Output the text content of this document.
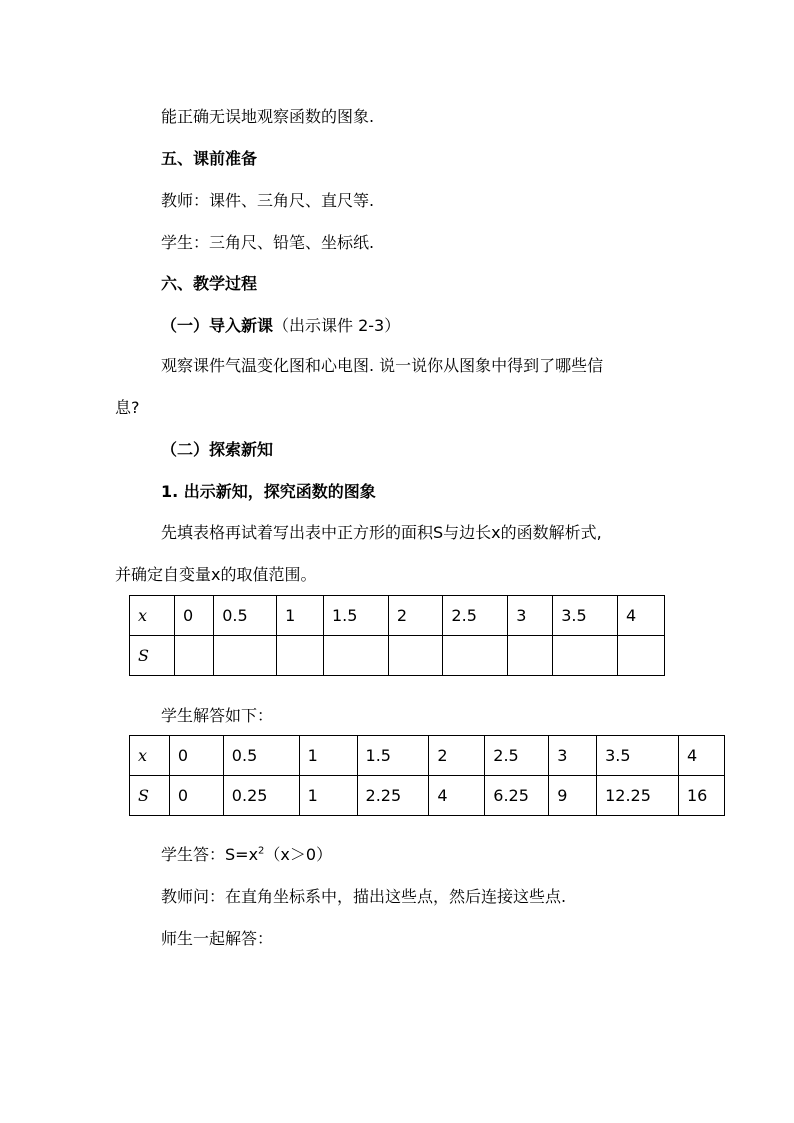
能正确无误地观察函数的图象.
五、课前准备
教师：课件、三角尺、直尺等.
学生：三角尺、铅笔、坐标纸.
六、教学过程
（一）导入新课（出示课件 2-3）
观察课件气温变化图和心电图. 说一说你从图象中得到了哪些信
息?
（二）探索新知
1. 出示新知，探究函数的图象
先填表格再试着写出表中正方形的面积S与边长x的函数解析式,
并确定自变量x的取值范围。
x	0	0.5	1	1.5	2	2.5	3	3.5	4
S									
学生解答如下：
x	0	0.5	1	1.5	2	2.5	3	3.5	4
S	0	0.25	1	2.25	4	6.25	9	12.25	16
学生答：$S=x^2(x>0)$
教师问：在直角坐标系中，描出这些点，然后连接这些点.
师生一起解答：
